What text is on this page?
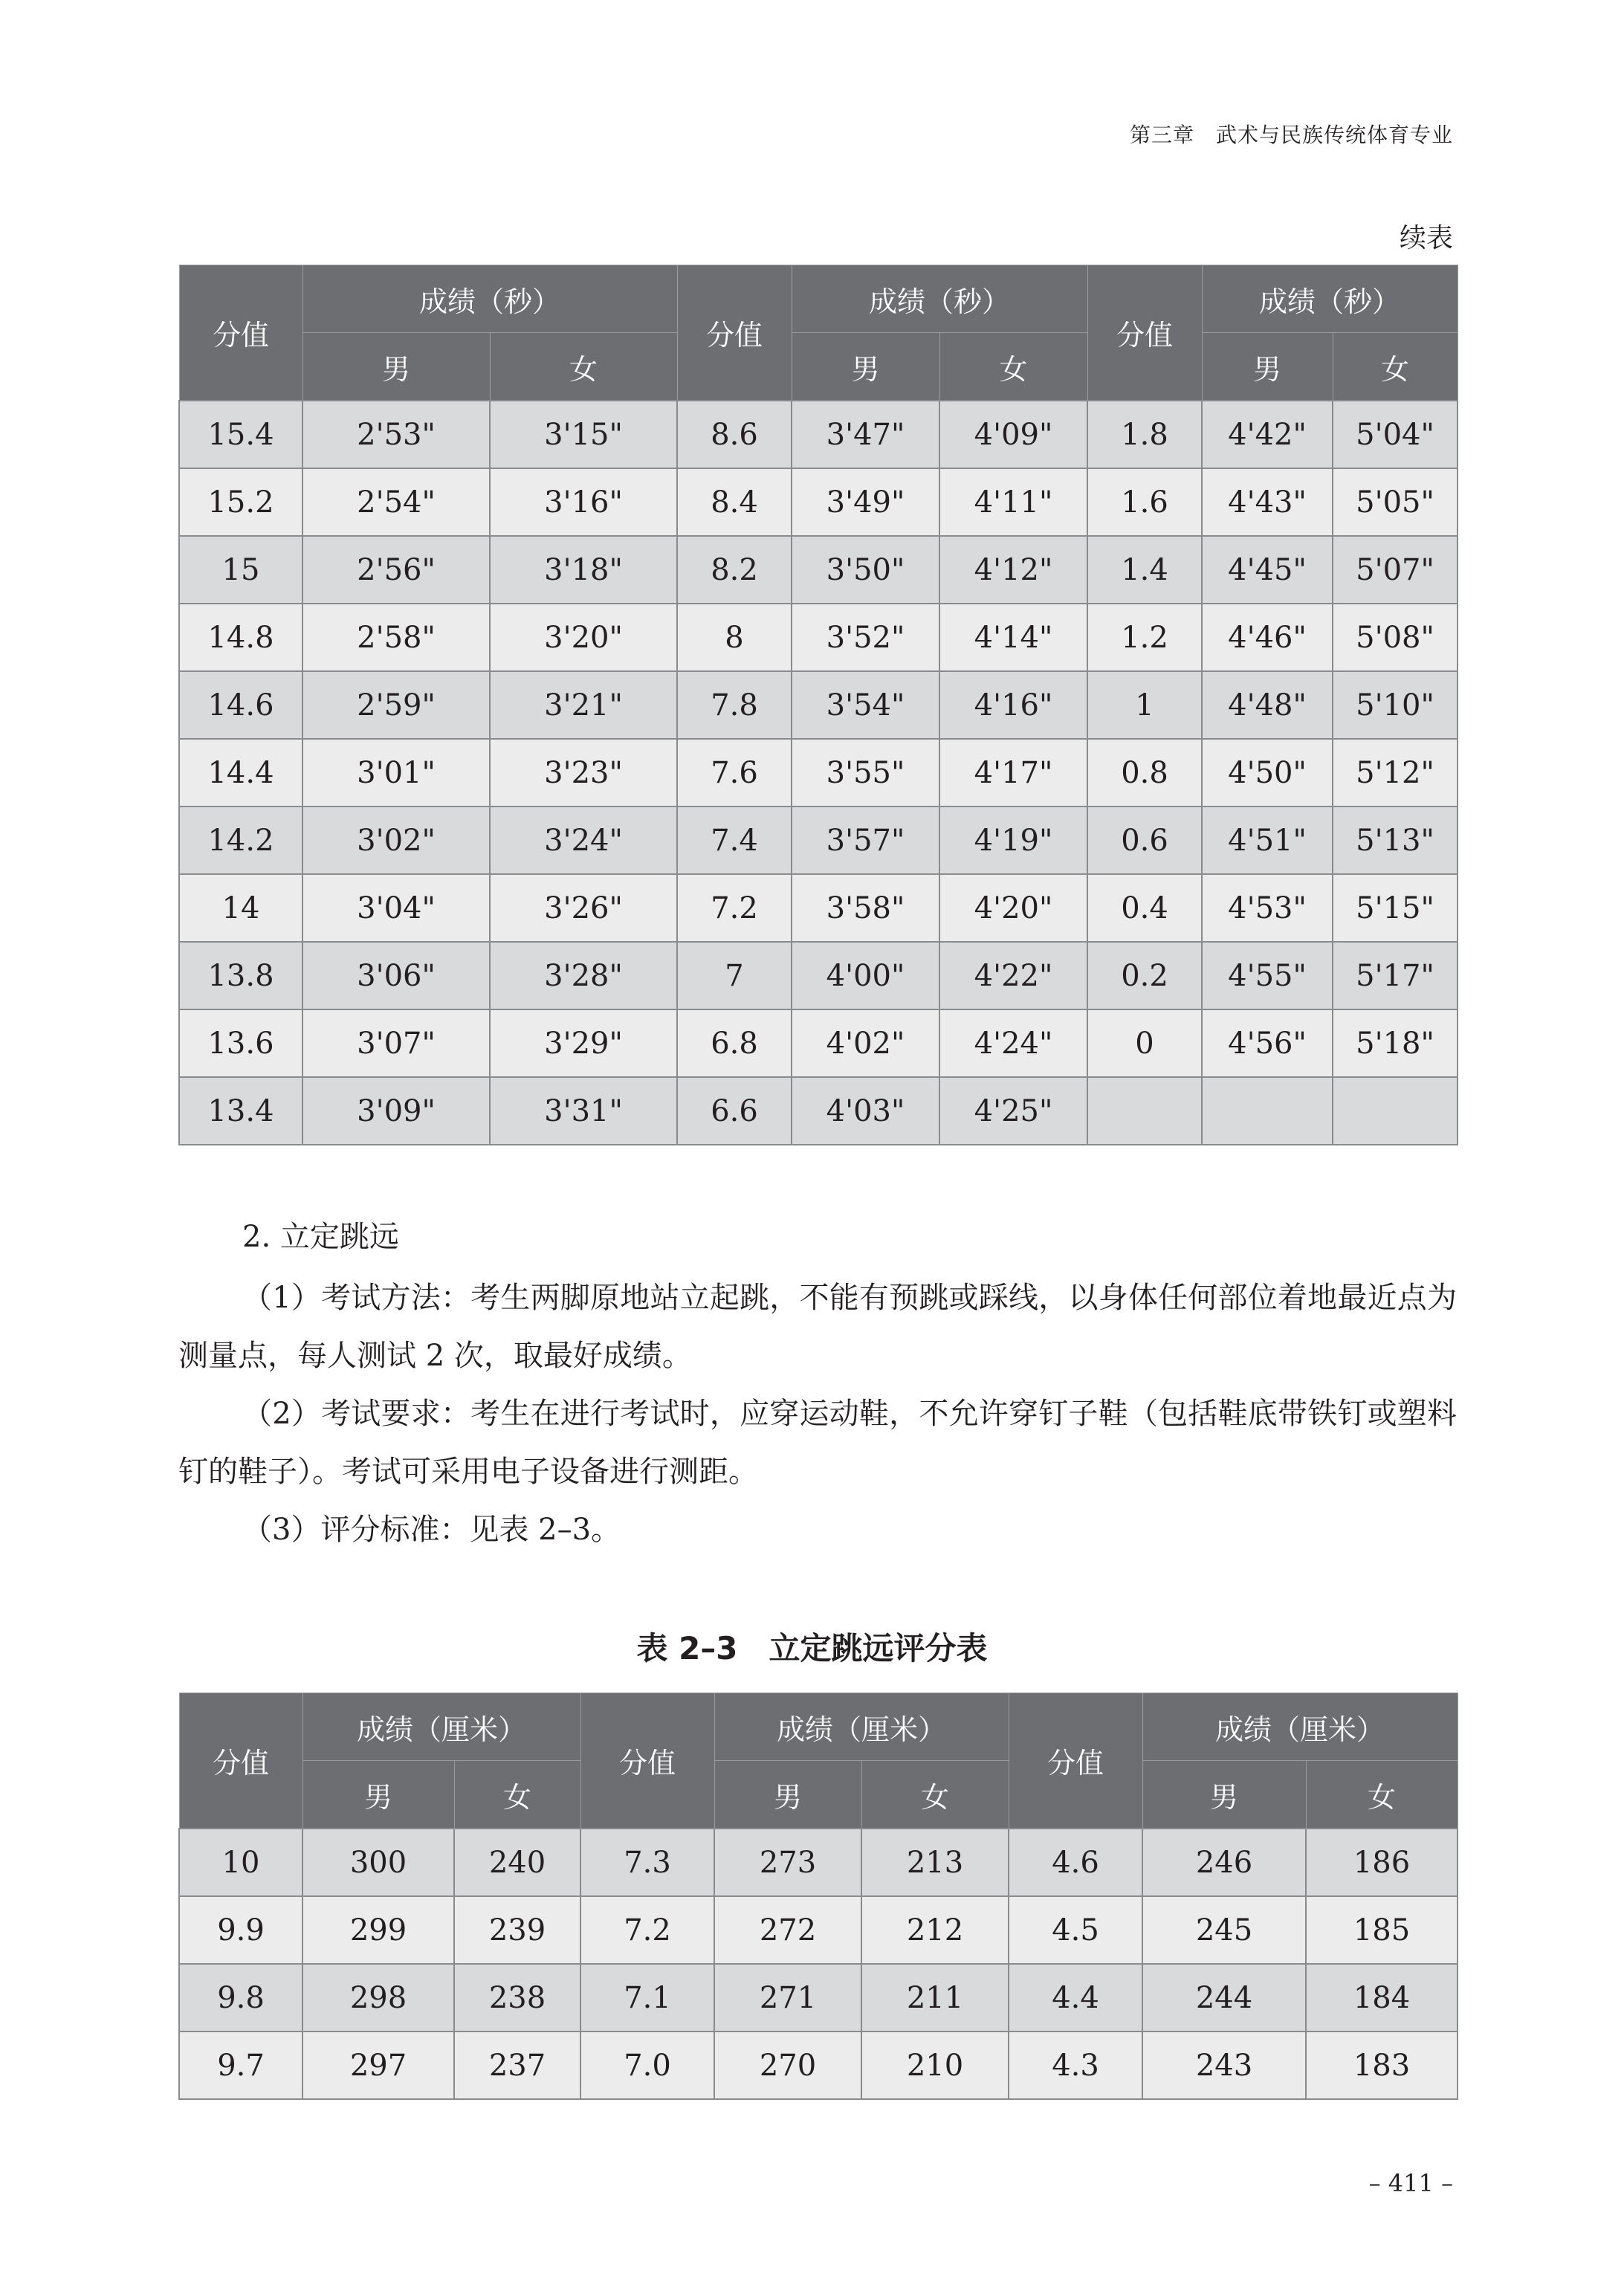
第三章　武术与民族传统体育专业
续表
分值	成绩（秒）		分值	成绩（秒）		分值	成绩（秒）	
	男	女		男	女		男	女
15.4	2'53"	3'15"	8.6	3'47"	4'09"	1.8	4'42"	5'04"
15.2	2'54"	3'16"	8.4	3'49"	4'11"	1.6	4'43"	5'05"
15	2'56"	3'18"	8.2	3'50"	4'12"	1.4	4'45"	5'07"
14.8	2'58"	3'20"	8	3'52"	4'14"	1.2	4'46"	5'08"
14.6	2'59"	3'21"	7.8	3'54"	4'16"	1	4'48"	5'10"
14.4	3'01"	3'23"	7.6	3'55"	4'17"	0.8	4'50"	5'12"
14.2	3'02"	3'24"	7.4	3'57"	4'19"	0.6	4'51"	5'13"
14	3'04"	3'26"	7.2	3'58"	4'20"	0.4	4'53"	5'15"
13.8	3'06"	3'28"	7	4'00"	4'22"	0.2	4'55"	5'17"
13.6	3'07"	3'29"	6.8	4'02"	4'24"	0	4'56"	5'18"
13.4	3'09"	3'31"	6.6	4'03"	4'25"			
2. 立定跳远
（1）考试方法：考生两脚原地站立起跳，不能有预跳或踩线，以身体任何部位着地最近点为测量点，每人测试 2 次，取最好成绩。
（2）考试要求：考生在进行考试时，应穿运动鞋，不允许穿钉子鞋（包括鞋底带铁钉或塑料钉的鞋子）。考试可采用电子设备进行测距。
（3）评分标准：见表 2–3。
表 2–3　立定跳远评分表
分值	成绩（厘米）		分值	成绩（厘米）		分值	成绩（厘米）	
	男	女		男	女		男	女
10	300	240	7.3	273	213	4.6	246	186
9.9	299	239	7.2	272	212	4.5	245	185
9.8	298	238	7.1	271	211	4.4	244	184
9.7	297	237	7.0	270	210	4.3	243	183
– 411 –
